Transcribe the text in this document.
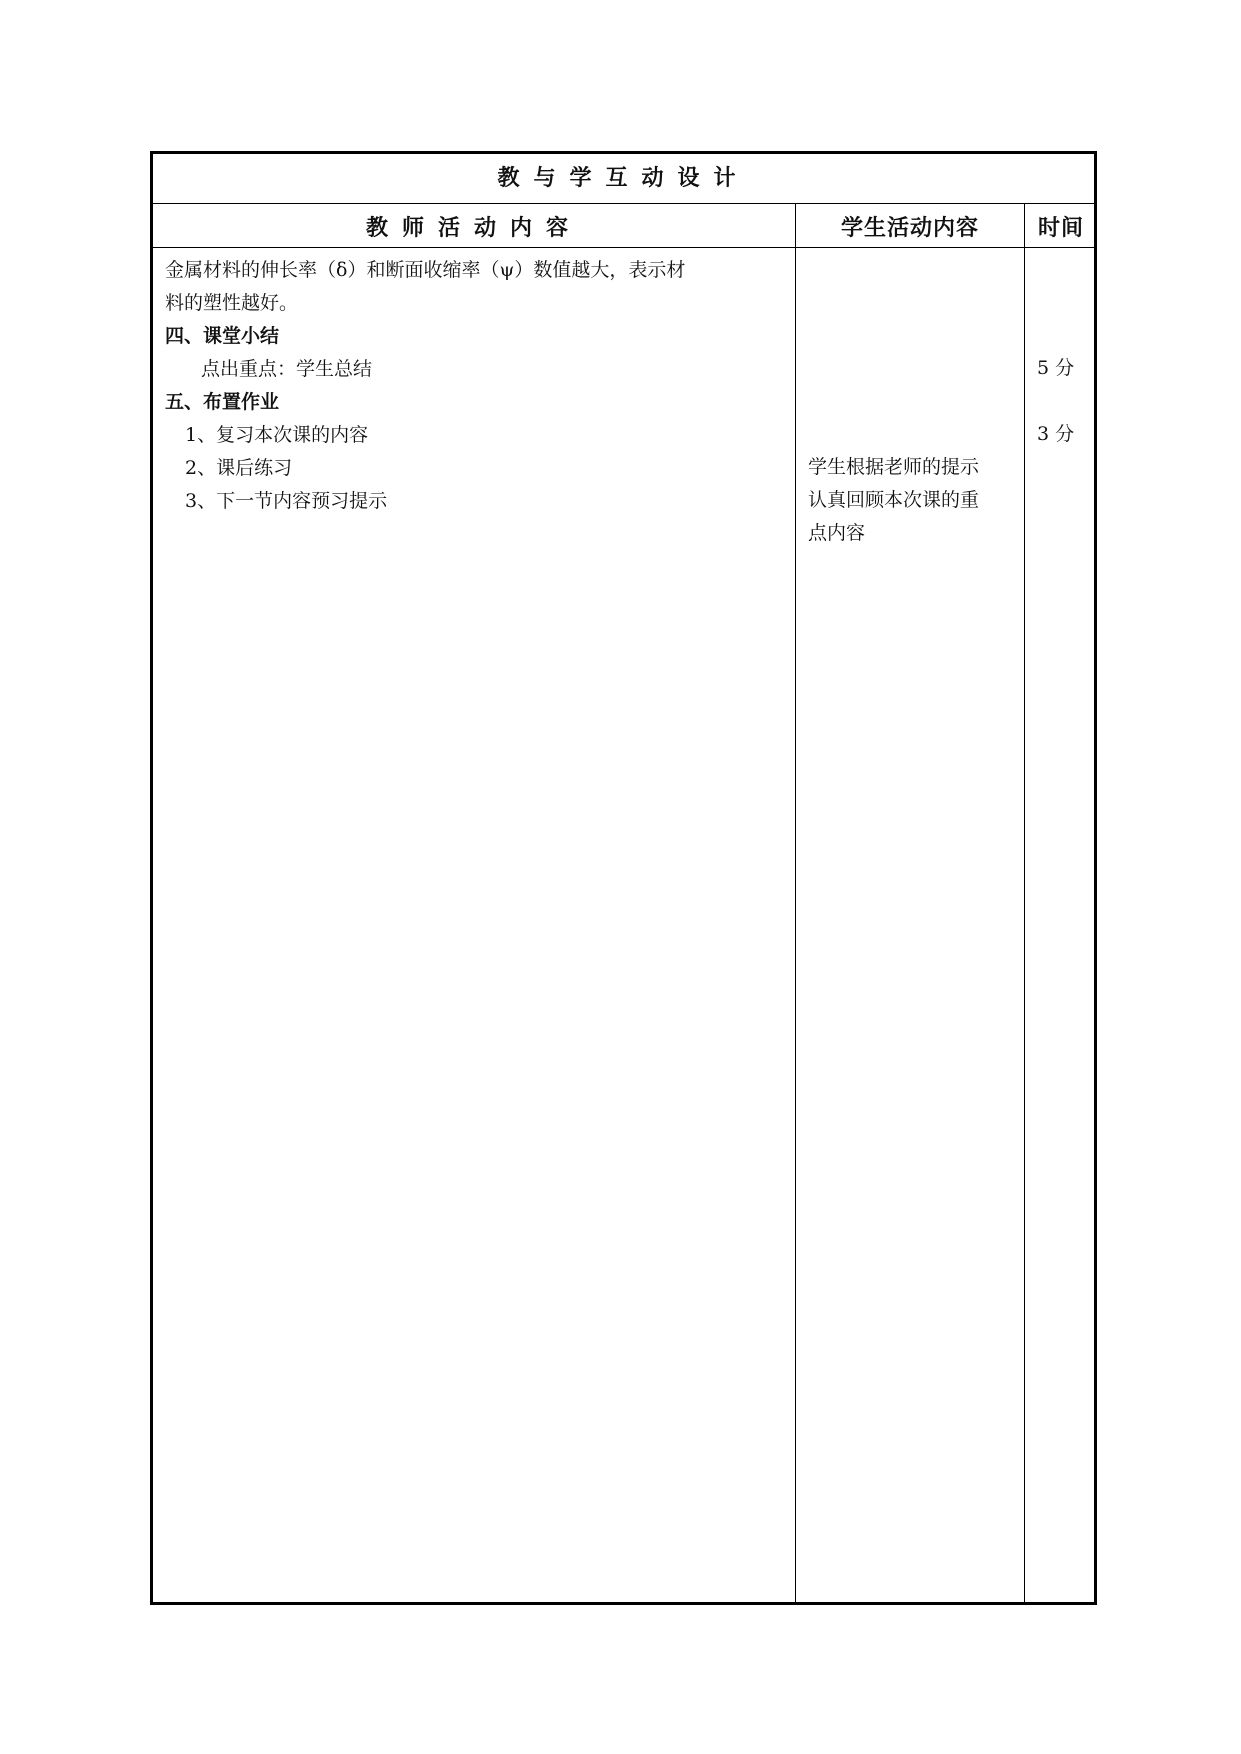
教与学互动设计
教师活动内容	学生活动内容	时间
金属材料的伸长率（δ）和断面收缩率（ψ）数值越大，表示材
料的塑性越好。
四、课堂小结
点出重点：学生总结
五、布置作业
1、复习本次课的内容
2、课后练习
3、下一节内容预习提示
学生根据老师的提示
认真回顾本次课的重
点内容
5 分
3 分
